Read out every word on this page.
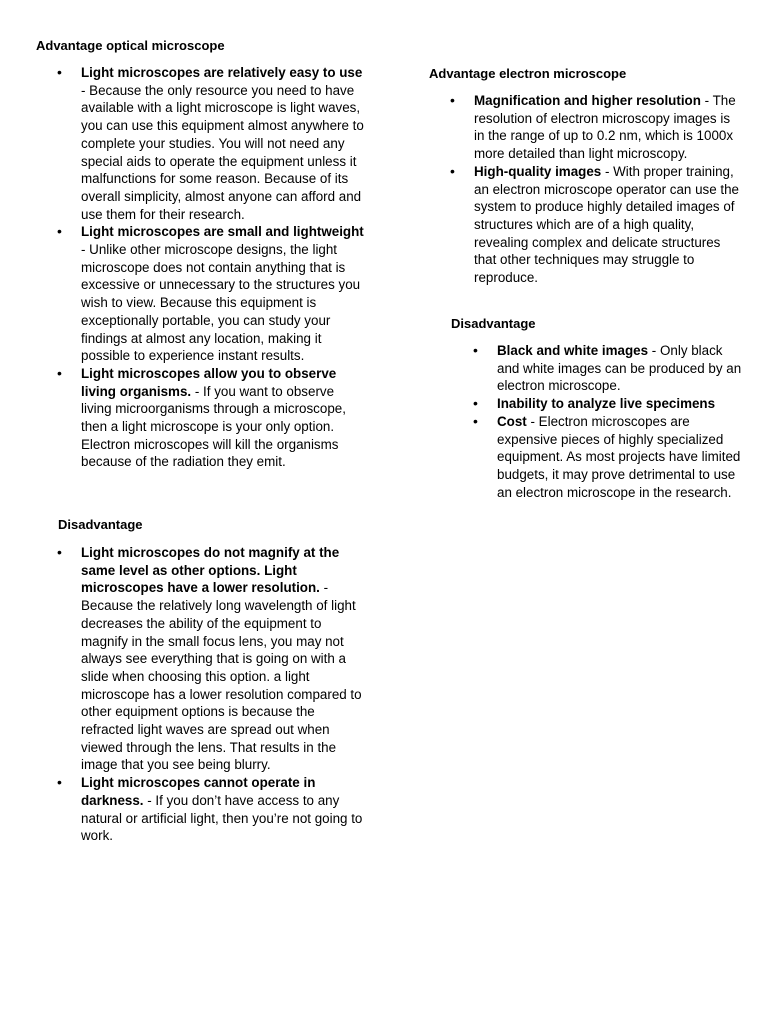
Advantage optical microscope
• Light microscopes are relatively easy to use - Because the only resource you need to have available with a light microscope is light waves, you can use this equipment almost anywhere to complete your studies. You will not need any special aids to operate the equipment unless it malfunctions for some reason. Because of its overall simplicity, almost anyone can afford and use them for their research.
• Light microscopes are small and lightweight - Unlike other microscope designs, the light microscope does not contain anything that is excessive or unnecessary to the structures you wish to view. Because this equipment is exceptionally portable, you can study your findings at almost any location, making it possible to experience instant results.
• Light microscopes allow you to observe living organisms. - If you want to observe living microorganisms through a microscope, then a light microscope is your only option. Electron microscopes will kill the organisms because of the radiation they emit.
Disadvantage
• Light microscopes do not magnify at the same level as other options. Light microscopes have a lower resolution. - Because the relatively long wavelength of light decreases the ability of the equipment to magnify in the small focus lens, you may not always see everything that is going on with a slide when choosing this option. a light microscope has a lower resolution compared to other equipment options is because the refracted light waves are spread out when viewed through the lens. That results in the image that you see being blurry.
• Light microscopes cannot operate in darkness. - If you don’t have access to any natural or artificial light, then you’re not going to work.
Advantage electron microscope
• Magnification and higher resolution - The resolution of electron microscopy images is in the range of up to 0.2 nm, which is 1000x more detailed than light microscopy.
• High-quality images - With proper training, an electron microscope operator can use the system to produce highly detailed images of structures which are of a high quality, revealing complex and delicate structures that other techniques may struggle to reproduce.
Disadvantage
• Black and white images - Only black and white images can be produced by an electron microscope.
• Inability to analyze live specimens
• Cost - Electron microscopes are expensive pieces of highly specialized equipment. As most projects have limited budgets, it may prove detrimental to use an electron microscope in the research.
